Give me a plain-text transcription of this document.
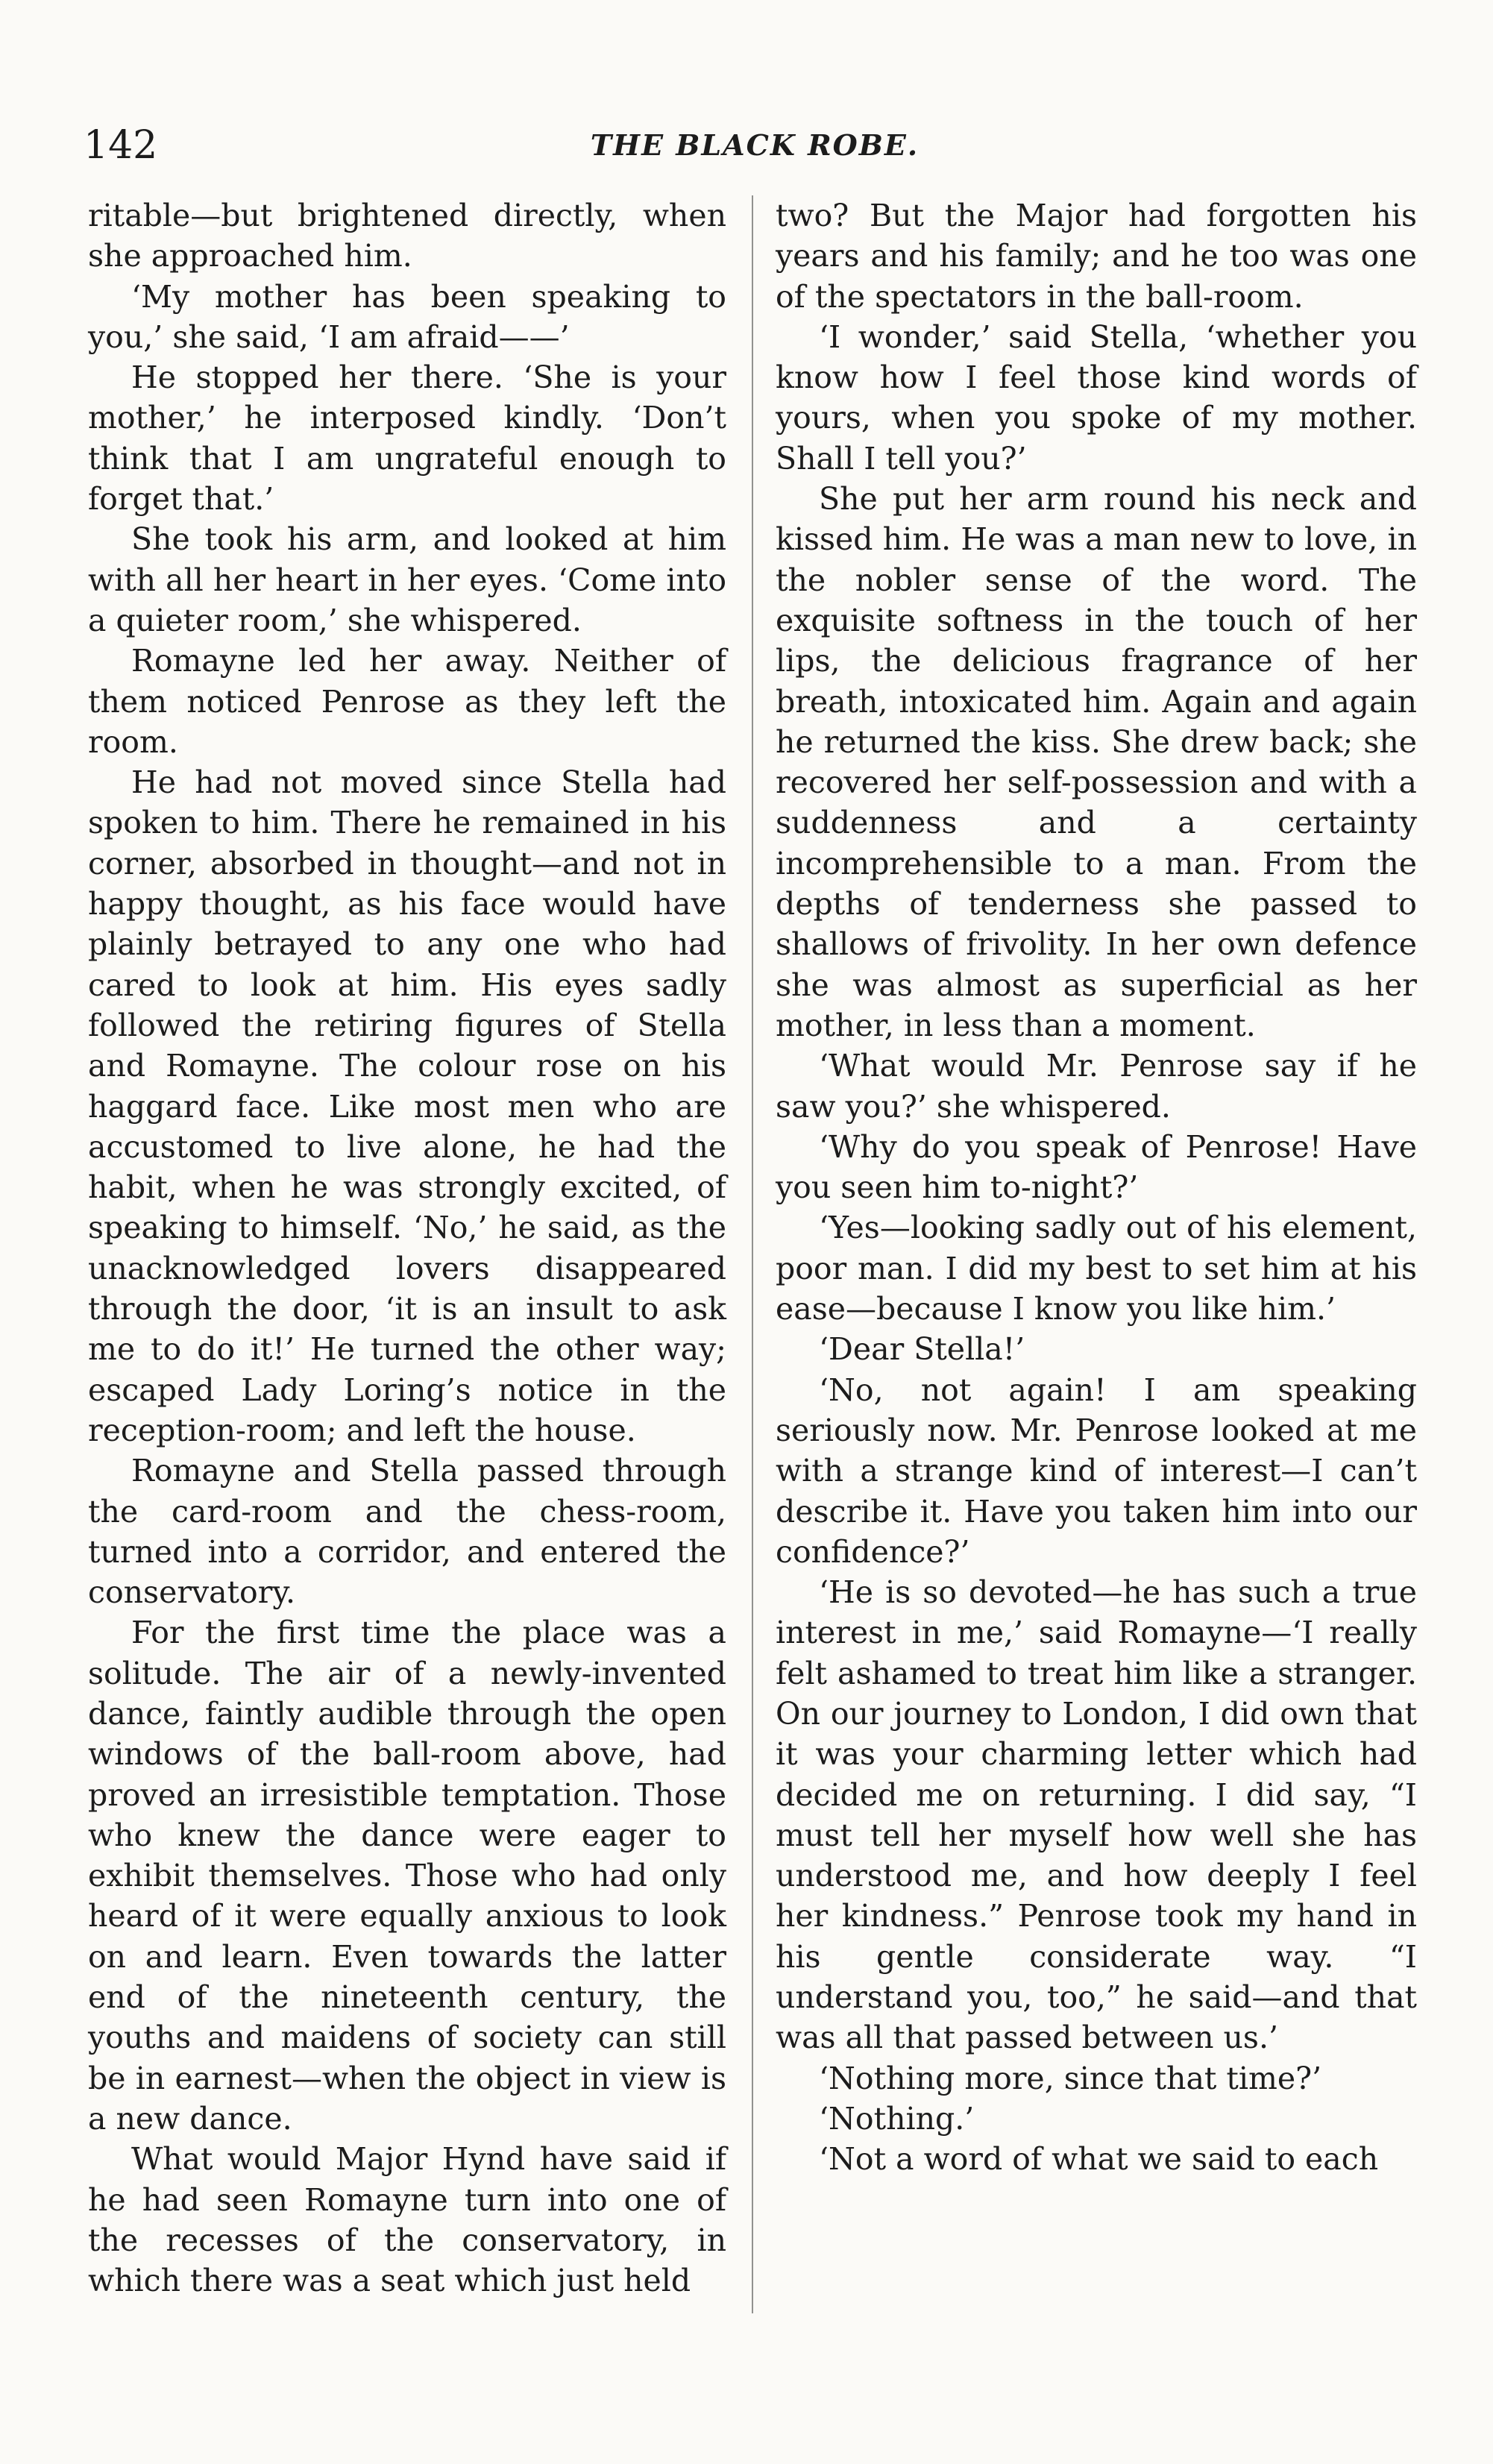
142	THE BLACK ROBE.

ritable—but brightened directly, when she approached him.

‘My mother has been speaking to you,’ she said, ‘I am afraid——’

He stopped her there. ‘She is your mother,’ he interposed kindly. ‘Don’t think that I am ungrateful enough to forget that.’

She took his arm, and looked at him with all her heart in her eyes. ‘Come into a quieter room,’ she whispered.

Romayne led her away. Neither of them noticed Penrose as they left the room.

He had not moved since Stella had spoken to him. There he remained in his corner, absorbed in thought—and not in happy thought, as his face would have plainly betrayed to any one who had cared to look at him. His eyes sadly followed the retiring figures of Stella and Romayne. The colour rose on his haggard face. Like most men who are accustomed to live alone, he had the habit, when he was strongly excited, of speaking to himself. ‘No,’ he said, as the unacknowledged lovers disappeared through the door, ‘it is an insult to ask me to do it!’ He turned the other way; escaped Lady Loring’s notice in the reception-room; and left the house.

Romayne and Stella passed through the card-room and the chess-room, turned into a corridor, and entered the conservatory.

For the first time the place was a solitude. The air of a newly-invented dance, faintly audible through the open windows of the ball-room above, had proved an irresistible temptation. Those who knew the dance were eager to exhibit themselves. Those who had only heard of it were equally anxious to look on and learn. Even towards the latter end of the nineteenth century, the youths and maidens of society can still be in earnest—when the object in view is a new dance.

What would Major Hynd have said if he had seen Romayne turn into one of the recesses of the conservatory, in which there was a seat which just held

two? But the Major had forgotten his years and his family; and he too was one of the spectators in the ball-room.

‘I wonder,’ said Stella, ‘whether you know how I feel those kind words of yours, when you spoke of my mother. Shall I tell you?’

She put her arm round his neck and kissed him. He was a man new to love, in the nobler sense of the word. The exquisite softness in the touch of her lips, the delicious fragrance of her breath, intoxicated him. Again and again he returned the kiss. She drew back; she recovered her self-possession and with a suddenness and a certainty incomprehensible to a man. From the depths of tenderness she passed to shallows of frivolity. In her own defence she was almost as superficial as her mother, in less than a moment.

‘What would Mr. Penrose say if he saw you?’ she whispered.

‘Why do you speak of Penrose! Have you seen him to-night?’

‘Yes—looking sadly out of his element, poor man. I did my best to set him at his ease—because I know you like him.’

‘Dear Stella!’

‘No, not again! I am speaking seriously now. Mr. Penrose looked at me with a strange kind of interest—I can’t describe it. Have you taken him into our confidence?’

‘He is so devoted—he has such a true interest in me,’ said Romayne—‘I really felt ashamed to treat him like a stranger. On our journey to London, I did own that it was your charming letter which had decided me on returning. I did say, “I must tell her myself how well she has understood me, and how deeply I feel her kindness.” Penrose took my hand in his gentle considerate way. “I understand you, too,” he said—and that was all that passed between us.’

‘Nothing more, since that time?’

‘Nothing.’

‘Not a word of what we said to each
